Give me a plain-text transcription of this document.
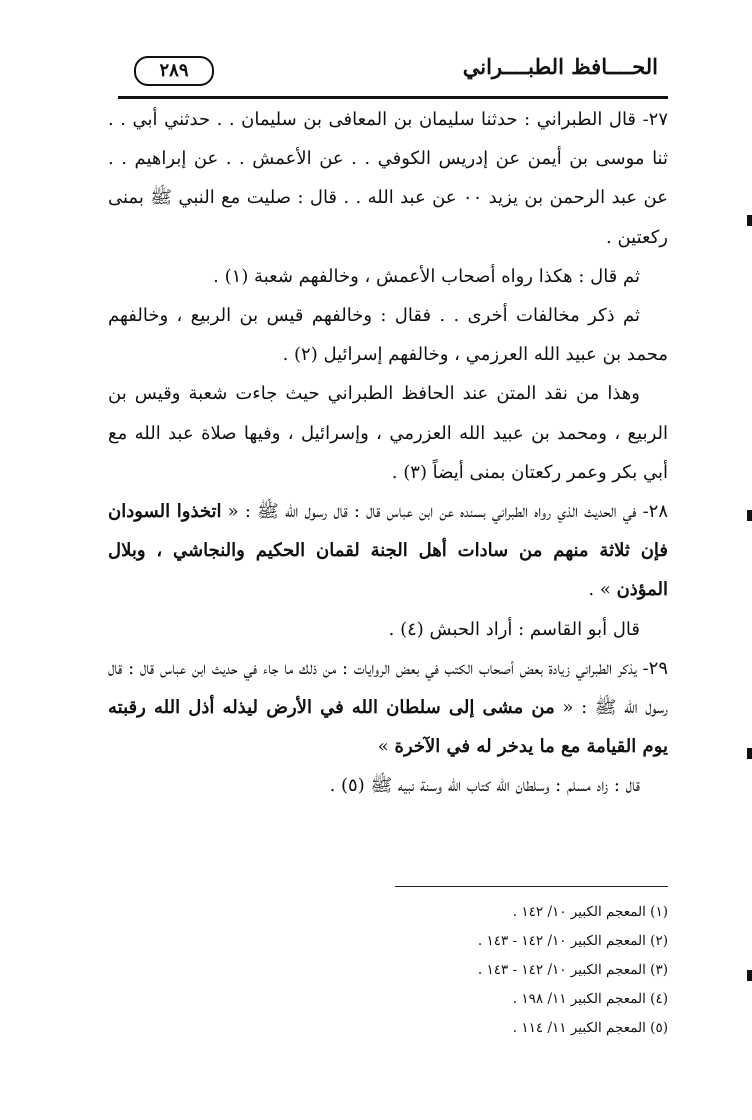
الحــــافظ الطبــــراني
٢٨٩

٢٧- قال الطبراني : حدثنا سليمان بن المعافى بن سليمان . . حدثني أبي . . ثنا موسى بن أيمن عن إدريس الكوفي . . عن الأعمش . . عن إبراهيم . . عن عبد الرحمن بن يزيد ٠٠ عن عبد الله . . قال : صليت مع النبي ﷺ بمنى ركعتين .

ثم قال : هكذا رواه أصحاب الأعمش ، وخالفهم شعبة (١) .

ثم ذكر مخالفات أخرى . . فقال : وخالفهم قيس بن الربيع ، وخالفهم محمد بن عبيد الله العرزمي ، وخالفهم إسرائيل (٢) .

وهذا من نقد المتن عند الحافظ الطبراني حيث جاءت شعبة وقيس بن الربيع ، ومحمد بن عبيد الله العزرمي ، وإسرائيل ، وفيها صلاة عبد الله مع أبي بكر وعمر ركعتان بمنى أيضاً (٣) .

٢٨- في الحديث الذي رواه الطبراني بسنده عن ابن عباس قال : قال رسول الله ﷺ : « اتخذوا السودان فإن ثلاثة منهم من سادات أهل الجنة لقمان الحكيم والنجاشي ، وبلال المؤذن » .

قال أبو القاسم : أراد الحبش (٤) .

٢٩- يذكر الطبراني زيادة بعض أصحاب الكتب في بعض الروايات : من ذلك ما جاء في حديث ابن عباس قال : قال رسول الله ﷺ : « من مشى إلى سلطان الله في الأرض ليذله أذل الله رقبته يوم القيامة مع ما يدخر له في الآخرة »

قال : زاد مسلم : وسلطان الله كتاب الله وسنة نبيه ﷺ (٥) .

(١) المعجم الكبير ١٠/ ١٤٢ .
(٢) المعجم الكبير ١٠/ ١٤٢ - ١٤٣ .
(٣) المعجم الكبير ١٠/ ١٤٢ - ١٤٣ .
(٤) المعجم الكبير ١١/ ١٩٨ .
(٥) المعجم الكبير ١١/ ١١٤ .
